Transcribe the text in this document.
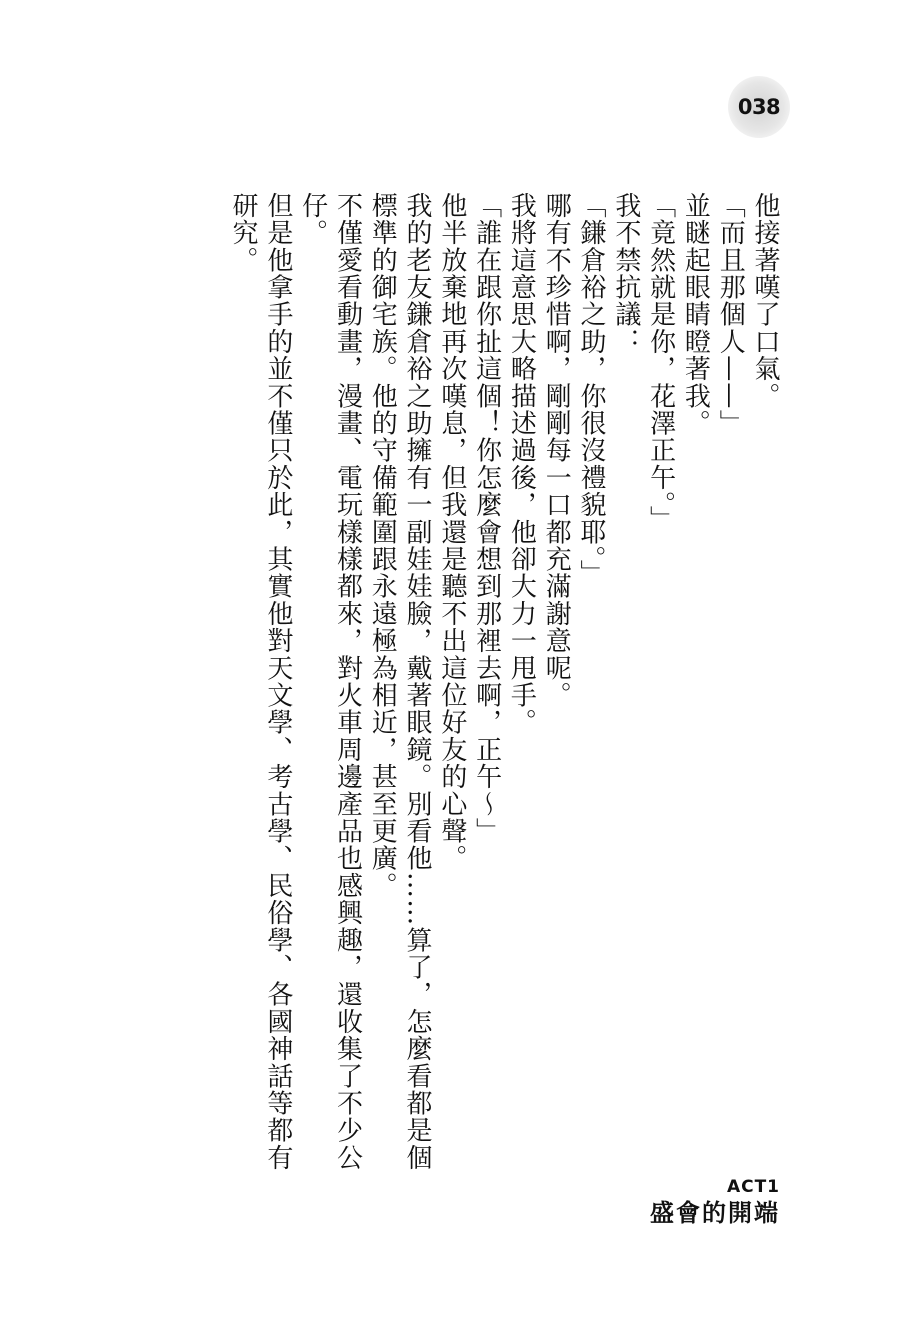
038

他接著嘆了口氣。

「而且那個人——」

並瞇起眼睛瞪著我。

「竟然就是你，花澤正午。」

我不禁抗議：

「鎌倉裕之助，你很沒禮貌耶。」

哪有不珍惜啊，剛剛每一口都充滿謝意呢。

我將這意思大略描述過後，他卻大力一甩手。

「誰在跟你扯這個！你怎麼會想到那裡去啊，正午～」

他半放棄地再次嘆息，但我還是聽不出這位好友的心聲。

我的老友鎌倉裕之助擁有一副娃娃臉，戴著眼鏡。別看他……算了，怎麼看都是個標準的御宅族。他的守備範圍跟永遠極為相近，甚至更廣。

不僅愛看動畫，漫畫、電玩樣樣都來，對火車周邊產品也感興趣，還收集了不少公仔。

但是他拿手的並不僅只於此，其實他對天文學、考古學、民俗學、各國神話等都有研究。

ACT1
盛會的開端
